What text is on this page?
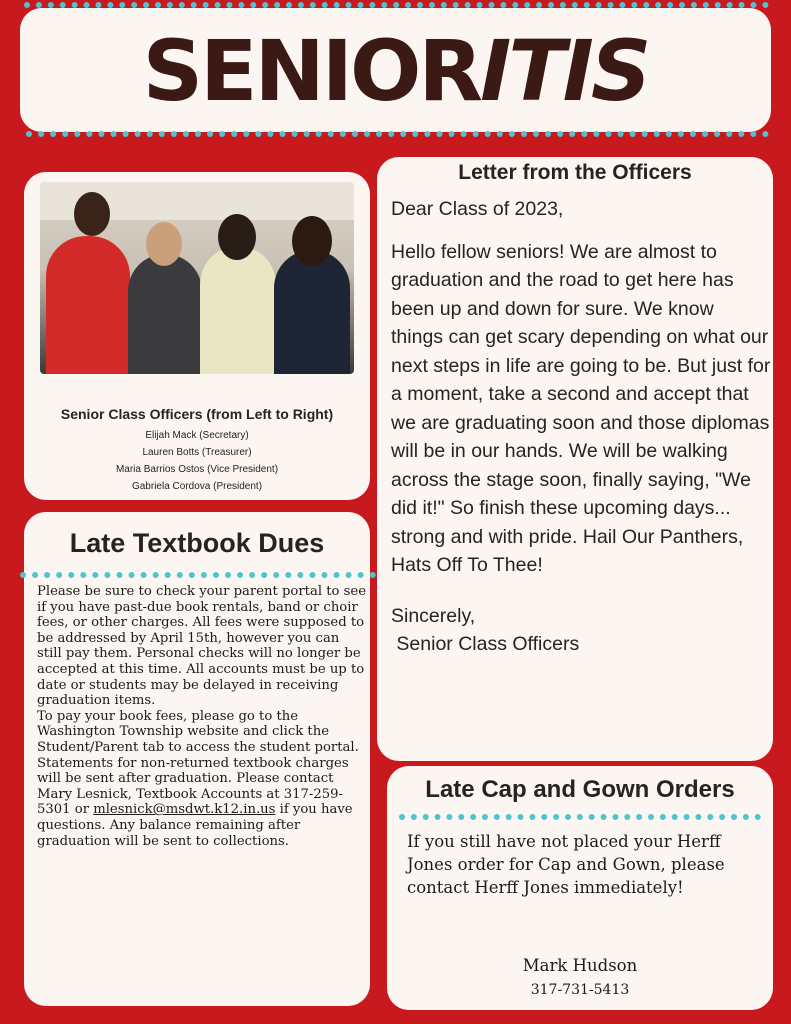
SENIORITIS
Senior Class Officers (from Left to Right)
Elijah Mack (Secretary)
Lauren Botts (Treasurer)
Maria Barrios Ostos (Vice President)
Gabriela Cordova (President)
Letter from the Officers

Dear Class of 2023,

Hello fellow seniors! We are almost to graduation and the road to get here has been up and down for sure. We know things can get scary depending on what our next steps in life are going to be. But just for a moment, take a second and accept that we are graduating soon and those diplomas will be in our hands. We will be walking across the stage soon, finally saying, "We did it!" So finish these upcoming days... strong and with pride. Hail Our Panthers, Hats Off To Thee!

Sincerely,

Senior Class Officers

Late Textbook Dues

Please be sure to check your parent portal to see if you have past-due book rentals, band or choir fees, or other charges. All fees were supposed to be addressed by April 15th, however you can still pay them. Personal checks will no longer be accepted at this time. All accounts must be up to date or students may be delayed in receiving graduation items.

To pay your book fees, please go to the Washington Township website and click the Student/Parent tab to access the student portal. Statements for non-returned textbook charges will be sent after graduation. Please contact Mary Lesnick, Textbook Accounts at 317-259-5301 or mlesnick@msdwt.k12.in.us if you have questions. Any balance remaining after graduation will be sent to collections.

Late Cap and Gown Orders
If you still have not placed your Herff Jones order for Cap and Gown, please contact Herff Jones immediately!
Mark Hudson
317-731-5413
